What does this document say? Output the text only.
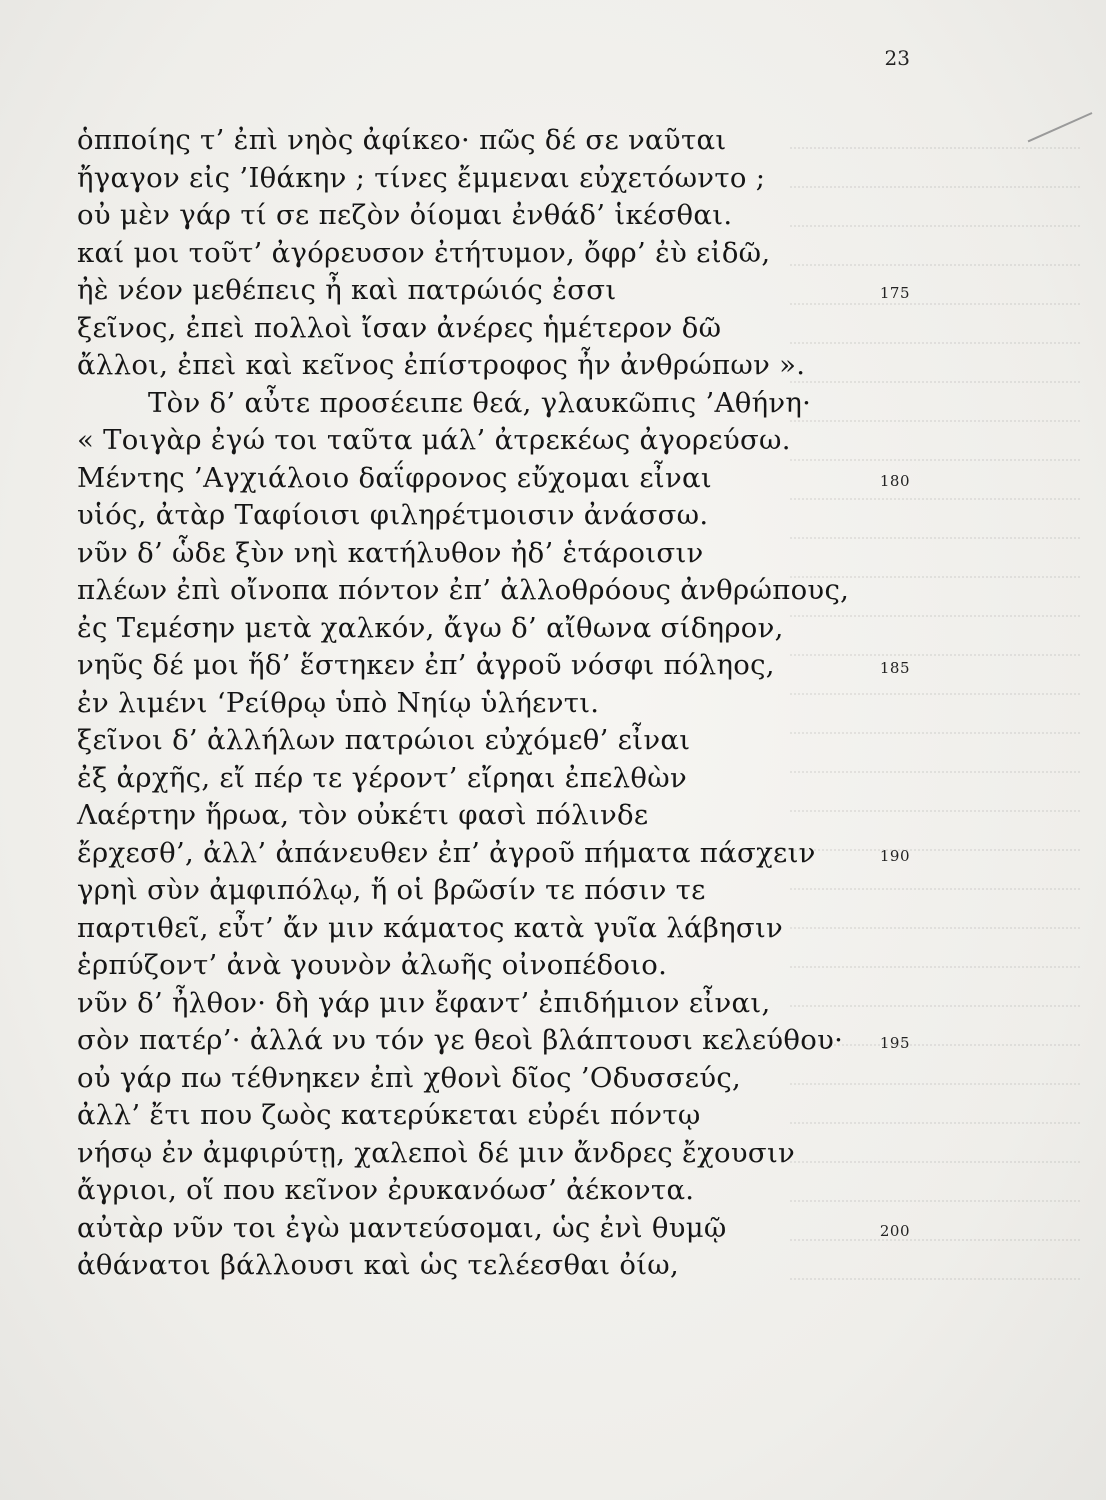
23
ὁπποίης τ’ ἐπὶ νηὸς ἀφίκεο· πῶς δέ σε ναῦται
ἤγαγον εἰς ’Ιθάκην ; τίνες ἔμμεναι εὐχετόωντο ;
οὐ μὲν γάρ τί σε πεζὸν ὀίομαι ἐνθάδ’ ἱκέσθαι.
καί μοι τοῦτ’ ἀγόρευσον ἐτήτυμον, ὄφρ’ ἐὺ εἰδῶ,
ἠὲ νέον μεθέπεις ἦ καὶ πατρώιός ἐσσι	175
ξεῖνος, ἐπεὶ πολλοὶ ἴσαν ἀνέρες ἡμέτερον δῶ
ἄλλοι, ἐπεὶ καὶ κεῖνος ἐπίστροφος ἦν ἀνθρώπων ».
Τὸν δ’ αὖτε προσέειπε θεά, γλαυκῶπις ’Αθήνη·
« Τοιγὰρ ἐγώ τοι ταῦτα μάλ’ ἀτρεκέως ἀγορεύσω.
Μέντης ’Αγχιάλοιο δαΐφρονος εὔχομαι εἶναι	180
υἱός, ἀτὰρ Ταφίοισι φιληρέτμοισιν ἀνάσσω.
νῦν δ’ ὧδε ξὺν νηὶ κατήλυθον ἠδ’ ἑτάροισιν
πλέων ἐπὶ οἴνοπα πόντον ἐπ’ ἀλλοθρόους ἀνθρώπους,
ἐς Τεμέσην μετὰ χαλκόν, ἄγω δ’ αἴθωνα σίδηρον,
νηῦς δέ μοι ἥδ’ ἕστηκεν ἐπ’ ἀγροῦ νόσφι πόληος,	185
ἐν λιμένι ‘Ρείθρῳ ὑπὸ Νηίῳ ὑλήεντι.
ξεῖνοι δ’ ἀλλήλων πατρώιοι εὐχόμεθ’ εἶναι
ἐξ ἀρχῆς, εἴ πέρ τε γέροντ’ εἴρηαι ἐπελθὼν
Λαέρτην ἥρωα, τὸν οὐκέτι φασὶ πόλινδε
ἔρχεσθ’, ἀλλ’ ἀπάνευθεν ἐπ’ ἀγροῦ πήματα πάσχειν	190
γρηὶ σὺν ἀμφιπόλῳ, ἥ οἱ βρῶσίν τε πόσιν τε
παρτιθεῖ, εὖτ’ ἄν μιν κάματος κατὰ γυῖα λάβησιν
ἑρπύζοντ’ ἀνὰ γουνὸν ἀλωῆς οἰνοπέδοιο.
νῦν δ’ ἦλθον· δὴ γάρ μιν ἔφαντ’ ἐπιδήμιον εἶναι,
σὸν πατέρ’· ἀλλά νυ τόν γε θεοὶ βλάπτουσι κελεύθου·	195
οὐ γάρ πω τέθνηκεν ἐπὶ χθονὶ δῖος ’Οδυσσεύς,
ἀλλ’ ἔτι που ζωὸς κατερύκεται εὐρέι πόντῳ
νήσῳ ἐν ἀμφιρύτῃ, χαλεποὶ δέ μιν ἄνδρες ἔχουσιν
ἄγριοι, οἵ που κεῖνον ἐρυκανόωσ’ ἀέκοντα.
αὐτὰρ νῦν τοι ἐγὼ μαντεύσομαι, ὡς ἐνὶ θυμῷ	200
ἀθάνατοι βάλλουσι καὶ ὡς τελέεσθαι ὀίω,
